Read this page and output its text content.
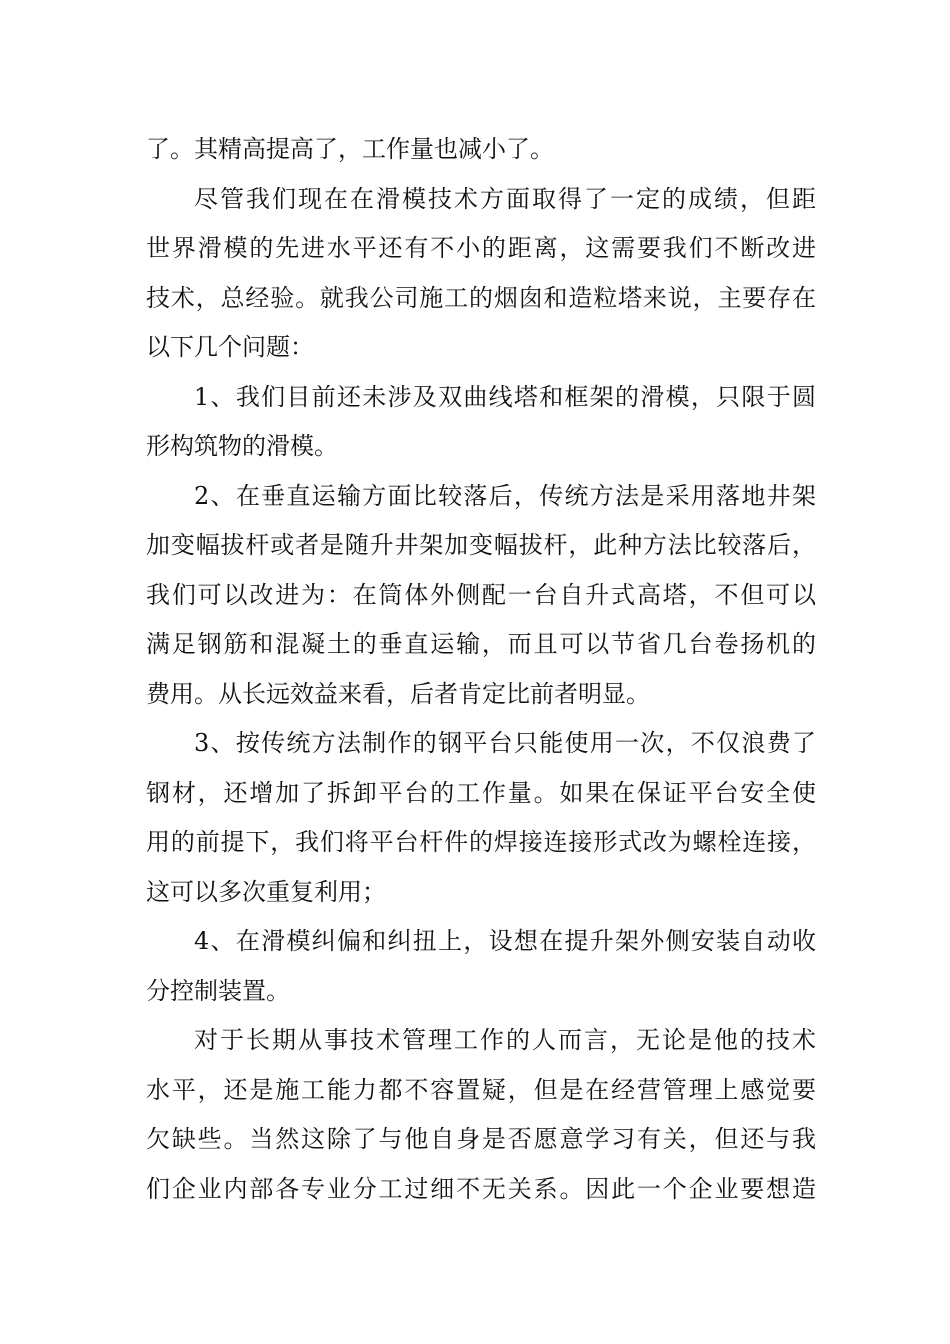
了。其精高提高了，工作量也减小了。
尽管我们现在在滑模技术方面取得了一定的成绩，但距
世界滑模的先进水平还有不小的距离，这需要我们不断改进
技术，总经验。就我公司施工的烟囱和造粒塔来说，主要存在
以下几个问题：
1、我们目前还未涉及双曲线塔和框架的滑模，只限于圆
形构筑物的滑模。
2、在垂直运输方面比较落后，传统方法是采用落地井架
加变幅拔杆或者是随升井架加变幅拔杆，此种方法比较落后，
我们可以改进为：在筒体外侧配一台自升式高塔，不但可以
满足钢筋和混凝土的垂直运输，而且可以节省几台卷扬机的
费用。从长远效益来看，后者肯定比前者明显。
3、按传统方法制作的钢平台只能使用一次，不仅浪费了
钢材，还增加了拆卸平台的工作量。如果在保证平台安全使
用的前提下，我们将平台杆件的焊接连接形式改为螺栓连接，
这可以多次重复利用；
4、在滑模纠偏和纠扭上，设想在提升架外侧安装自动收
分控制装置。
对于长期从事技术管理工作的人而言，无论是他的技术
水平，还是施工能力都不容置疑，但是在经营管理上感觉要
欠缺些。当然这除了与他自身是否愿意学习有关，但还与我
们企业内部各专业分工过细不无关系。因此一个企业要想造
